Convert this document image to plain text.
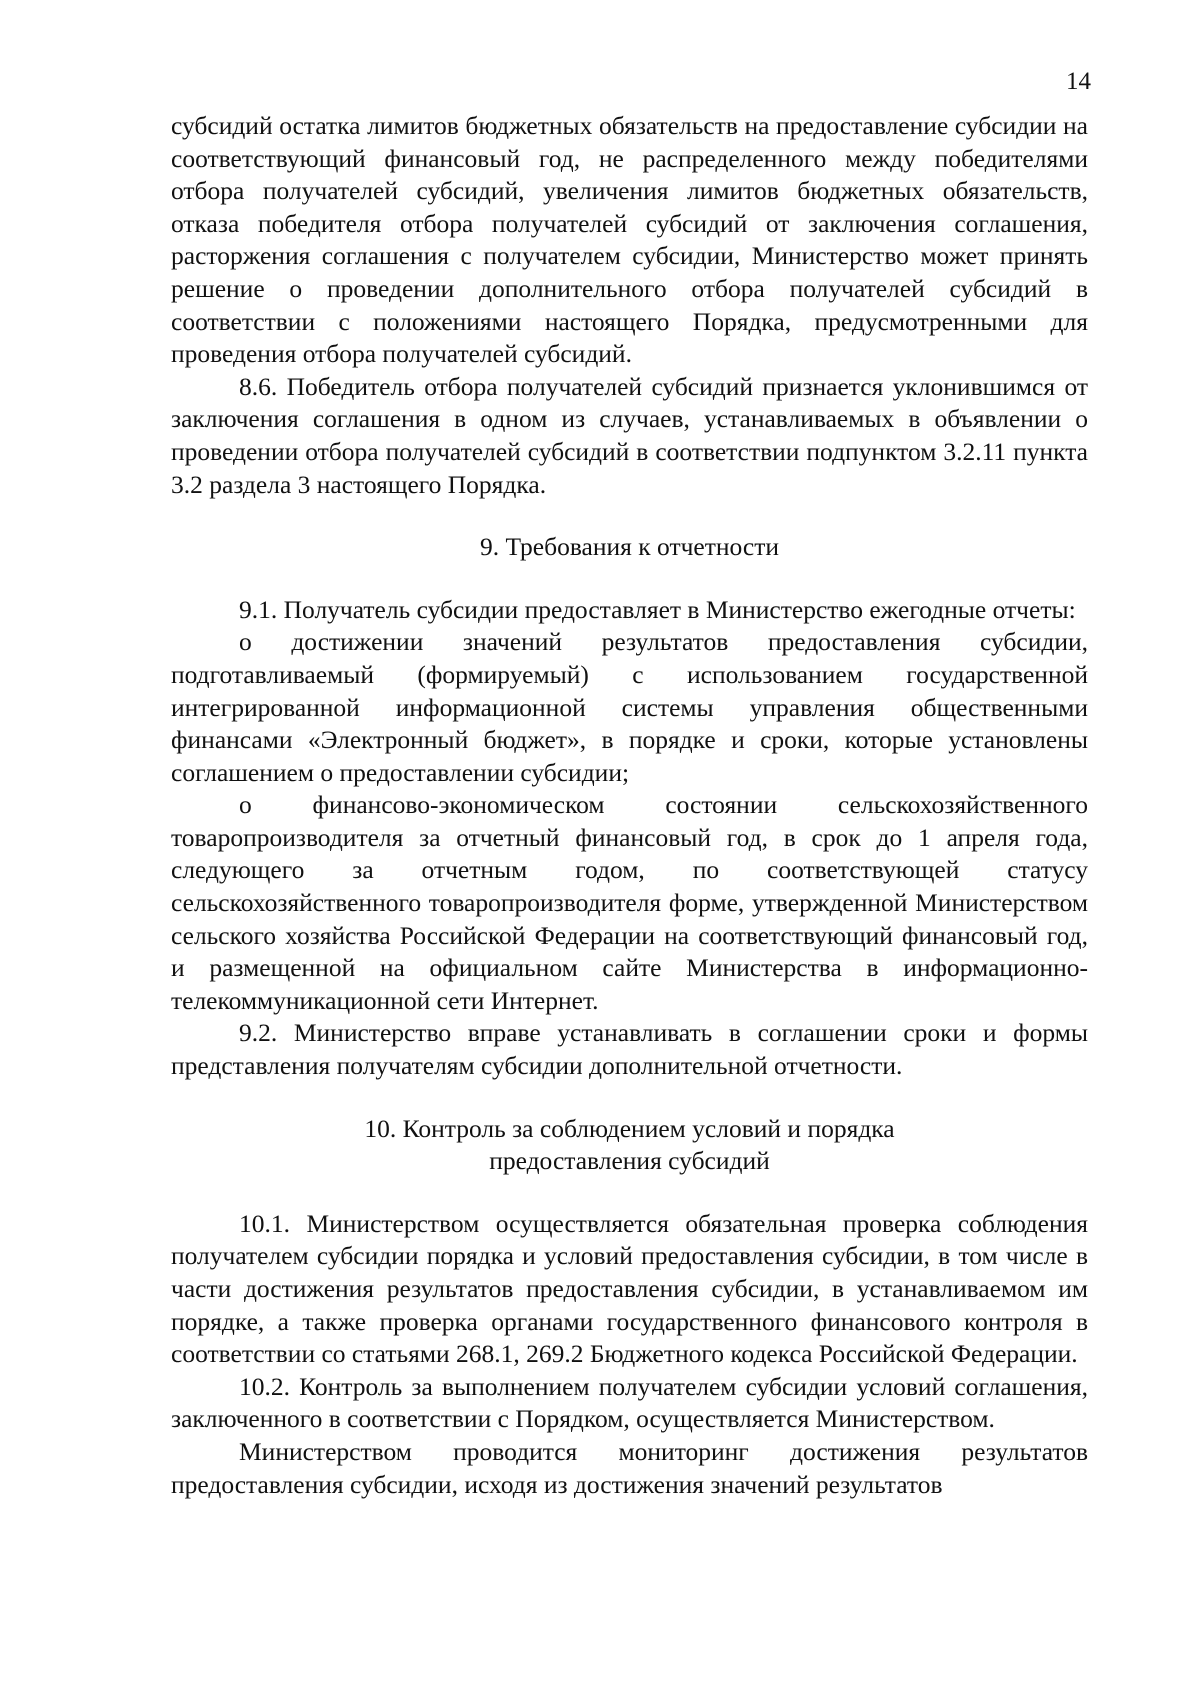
14

субсидий остатка лимитов бюджетных обязательств на предоставление субсидии на соответствующий финансовый год, не распределенного между победителями отбора получателей субсидий, увеличения лимитов бюджетных обязательств, отказа победителя отбора получателей субсидий от заключения соглашения, расторжения соглашения с получателем субсидии, Министерство может принять решение о проведении дополнительного отбора получателей субсидий в соответствии с положениями настоящего Порядка, предусмотренными для проведения отбора получателей субсидий.

8.6. Победитель отбора получателей субсидий признается уклонившимся от заключения соглашения в одном из случаев, устанавливаемых в объявлении о проведении отбора получателей субсидий в соответствии подпунктом 3.2.11 пункта 3.2 раздела 3 настоящего Порядка.

9. Требования к отчетности

9.1. Получатель субсидии предоставляет в Министерство ежегодные отчеты:

о достижении значений результатов предоставления субсидии, подготавливаемый (формируемый) с использованием государственной интегрированной информационной системы управления общественными финансами «Электронный бюджет», в порядке и сроки, которые установлены соглашением о предоставлении субсидии;

о финансово-экономическом состоянии сельскохозяйственного товаропроизводителя за отчетный финансовый год, в срок до 1 апреля года, следующего за отчетным годом, по соответствующей статусу сельскохозяйственного товаропроизводителя форме, утвержденной Министерством сельского хозяйства Российской Федерации на соответствующий финансовый год, и размещенной на официальном сайте Министерства в информационно-телекоммуникационной сети Интернет.

9.2. Министерство вправе устанавливать в соглашении сроки и формы представления получателям субсидии дополнительной отчетности.

10. Контроль за соблюдением условий и порядка
предоставления субсидий

10.1. Министерством осуществляется обязательная проверка соблюдения получателем субсидии порядка и условий предоставления субсидии, в том числе в части достижения результатов предоставления субсидии, в устанавливаемом им порядке, а также проверка органами государственного финансового контроля в соответствии со статьями 268.1, 269.2 Бюджетного кодекса Российской Федерации.

10.2. Контроль за выполнением получателем субсидии условий соглашения, заключенного в соответствии с Порядком, осуществляется Министерством.

Министерством проводится мониторинг достижения результатов предоставления субсидии, исходя из достижения значений результатов
